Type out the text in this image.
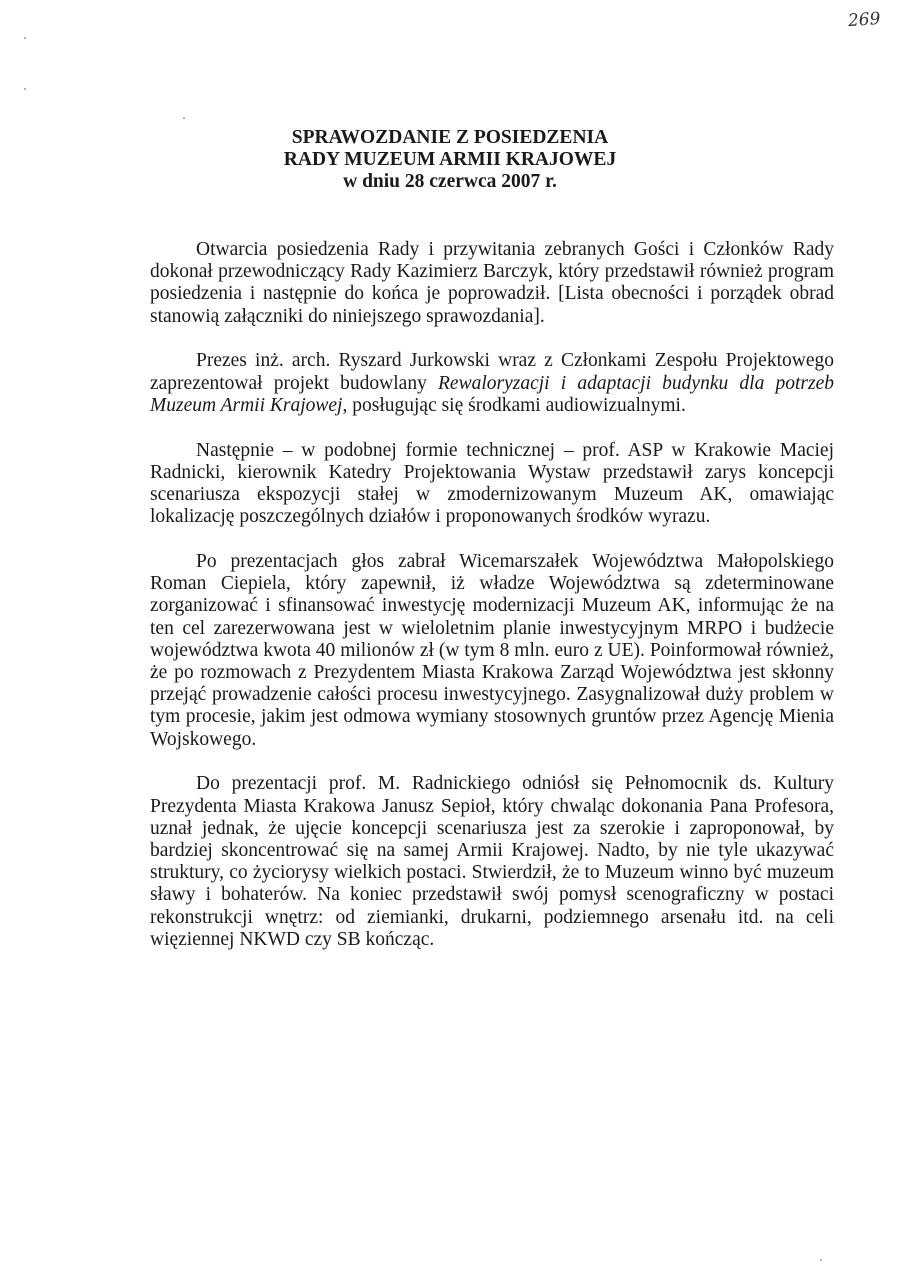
269
SPRAWOZDANIE Z POSIEDZENIA
RADY MUZEUM ARMII KRAJOWEJ
w dniu 28 czerwca 2007 r.

Otwarcia posiedzenia Rady i przywitania zebranych Gości i Członków Rady dokonał przewodniczący Rady Kazimierz Barczyk, który przedstawił również program posiedzenia i następnie do końca je poprowadził. [Lista obecności i porządek obrad stanowią załączniki do niniejszego sprawozdania].

Prezes inż. arch. Ryszard Jurkowski wraz z Członkami Zespołu Projektowego zaprezentował projekt budowlany Rewaloryzacji i adaptacji budynku dla potrzeb Muzeum Armii Krajowej, posługując się środkami audiowizualnymi.

Następnie – w podobnej formie technicznej – prof. ASP w Krakowie Maciej Radnicki, kierownik Katedry Projektowania Wystaw przedstawił zarys koncepcji scenariusza ekspozycji stałej w zmodernizowanym Muzeum AK, omawiając lokalizację poszczególnych działów i proponowanych środków wyrazu.

Po prezentacjach głos zabrał Wicemarszałek Województwa Małopolskiego Roman Ciepiela, który zapewnił, iż władze Województwa są zdeterminowane zorganizować i sfinansować inwestycję modernizacji Muzeum AK, informując że na ten cel zarezerwowana jest w wieloletnim planie inwestycyjnym MRPO i budżecie województwa kwota 40 milionów zł (w tym 8 mln. euro z UE). Poinformował również, że po rozmowach z Prezydentem Miasta Krakowa Zarząd Województwa jest skłonny przejąć prowadzenie całości procesu inwestycyjnego. Zasygnalizował duży problem w tym procesie, jakim jest odmowa wymiany stosownych gruntów przez Agencję Mienia Wojskowego.

Do prezentacji prof. M. Radnickiego odniósł się Pełnomocnik ds. Kultury Prezydenta Miasta Krakowa Janusz Sepioł, który chwaląc dokonania Pana Profesora, uznał jednak, że ujęcie koncepcji scenariusza jest za szerokie i zaproponował, by bardziej skoncentrować się na samej Armii Krajowej. Nadto, by nie tyle ukazywać struktury, co życiorysy wielkich postaci. Stwierdził, że to Muzeum winno być muzeum sławy i bohaterów. Na koniec przedstawił swój pomysł scenograficzny w postaci rekonstrukcji wnętrz: od ziemianki, drukarni, podziemnego arsenału itd. na celi więziennej NKWD czy SB kończąc.
